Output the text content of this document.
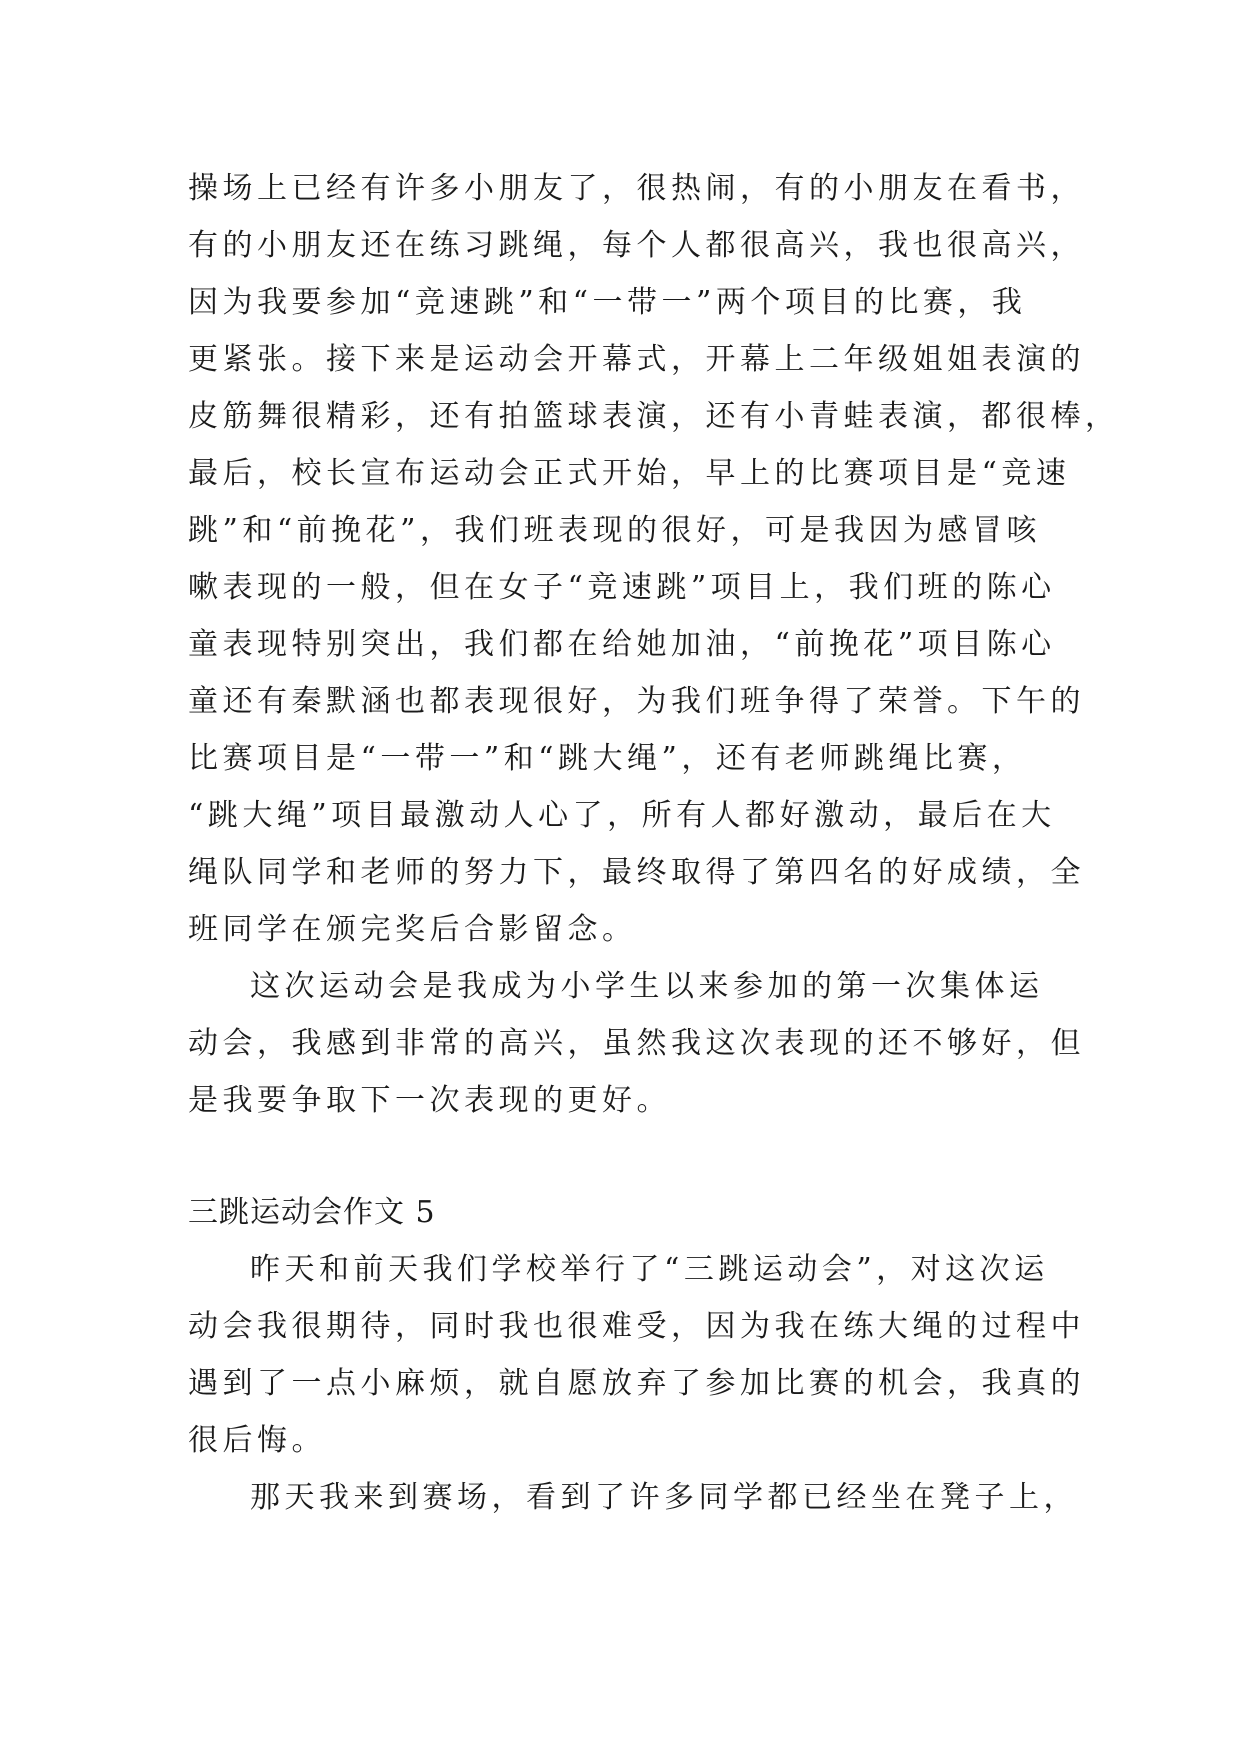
操场上已经有许多小朋友了，很热闹，有的小朋友在看书，
有的小朋友还在练习跳绳，每个人都很高兴，我也很高兴，
因为我要参加“竞速跳”和“一带一”两个项目的比赛，我
更紧张。接下来是运动会开幕式，开幕上二年级姐姐表演的
皮筋舞很精彩，还有拍篮球表演，还有小青蛙表演，都很棒，
最后，校长宣布运动会正式开始，早上的比赛项目是“竞速
跳”和“前挽花”，我们班表现的很好，可是我因为感冒咳
嗽表现的一般，但在女子“竞速跳”项目上，我们班的陈心
童表现特别突出，我们都在给她加油，“前挽花”项目陈心
童还有秦默涵也都表现很好，为我们班争得了荣誉。下午的
比赛项目是“一带一”和“跳大绳”，还有老师跳绳比赛，
“跳大绳”项目最激动人心了，所有人都好激动，最后在大
绳队同学和老师的努力下，最终取得了第四名的好成绩，全
班同学在颁完奖后合影留念。
这次运动会是我成为小学生以来参加的第一次集体运
动会，我感到非常的高兴，虽然我这次表现的还不够好，但
是我要争取下一次表现的更好。
三跳运动会作文 5
昨天和前天我们学校举行了“三跳运动会”，对这次运
动会我很期待，同时我也很难受，因为我在练大绳的过程中
遇到了一点小麻烦，就自愿放弃了参加比赛的机会，我真的
很后悔。
那天我来到赛场，看到了许多同学都已经坐在凳子上，
